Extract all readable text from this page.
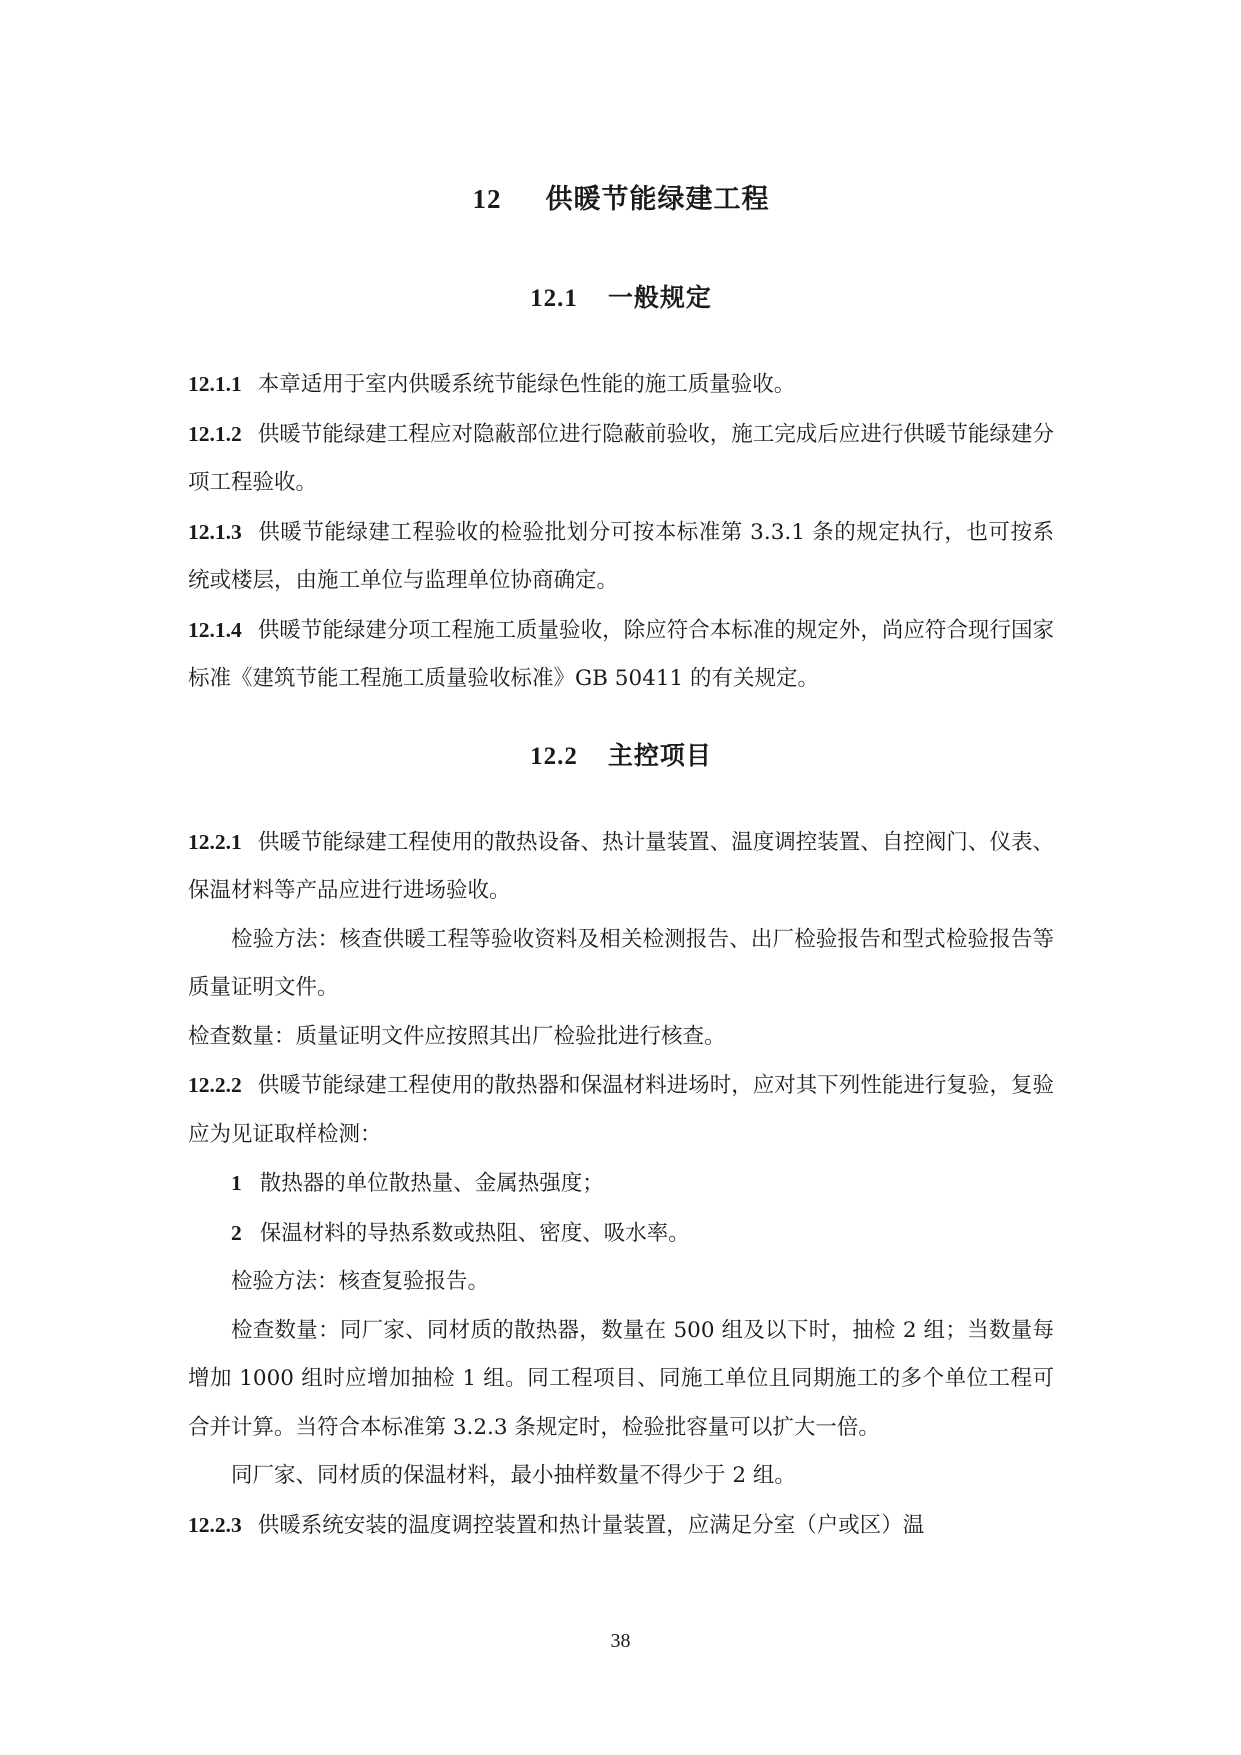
12 供暖节能绿建工程
12.1 一般规定

12.1.1 本章适用于室内供暖系统节能绿色性能的施工质量验收。

12.1.2 供暖节能绿建工程应对隐蔽部位进行隐蔽前验收，施工完成后应进行供暖节能绿建分项工程验收。

12.1.3 供暖节能绿建工程验收的检验批划分可按本标准第 3.3.1 条的规定执行，也可按系统或楼层，由施工单位与监理单位协商确定。

12.1.4 供暖节能绿建分项工程施工质量验收，除应符合本标准的规定外，尚应符合现行国家标准《建筑节能工程施工质量验收标准》GB 50411 的有关规定。

12.2 主控项目

12.2.1 供暖节能绿建工程使用的散热设备、热计量装置、温度调控装置、自控阀门、仪表、保温材料等产品应进行进场验收。

检验方法：核查供暖工程等验收资料及相关检测报告、出厂检验报告和型式检验报告等质量证明文件。

检查数量：质量证明文件应按照其出厂检验批进行核查。

12.2.2 供暖节能绿建工程使用的散热器和保温材料进场时，应对其下列性能进行复验，复验应为见证取样检测：

1 散热器的单位散热量、金属热强度；

2 保温材料的导热系数或热阻、密度、吸水率。

检验方法：核查复验报告。

检查数量：同厂家、同材质的散热器，数量在 500 组及以下时，抽检 2 组；当数量每增加 1000 组时应增加抽检 1 组。同工程项目、同施工单位且同期施工的多个单位工程可合并计算。当符合本标准第 3.2.3 条规定时，检验批容量可以扩大一倍。

同厂家、同材质的保温材料，最小抽样数量不得少于 2 组。

12.2.3 供暖系统安装的温度调控装置和热计量装置，应满足分室（户或区）温

38
